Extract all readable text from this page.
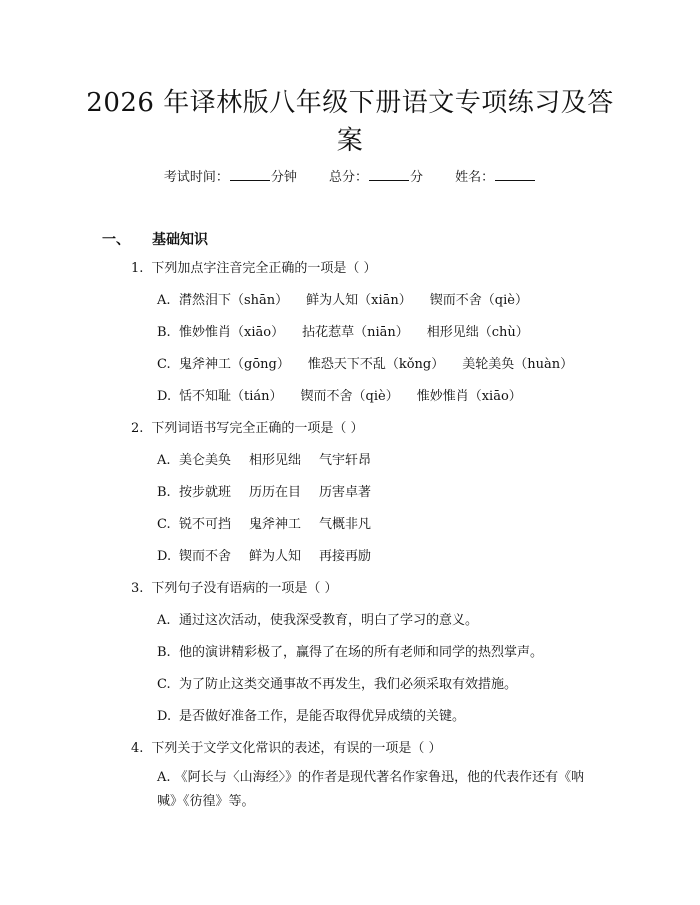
2026 年译林版八年级下册语文专项练习及答
案
考试时间：	分钟 总分：	分 姓名：
一、 基础知识
1. 下列加点字注音完全正确的一项是（ ）
A. 潸然泪下（shān） 鲜为人知（xiān） 锲而不舍（qiè）
B. 惟妙惟肖（xiāo） 拈花惹草（niān） 相形见绌（chù）
C. 鬼斧神工（gōng） 惟恐天下不乱（kǒng） 美轮美奂（huàn）
D. 恬不知耻（tián） 锲而不舍（qiè） 惟妙惟肖（xiāo）
2. 下列词语书写完全正确的一项是（ ）
A. 美仑美奂 相形见绌 气宇轩昂
B. 按步就班 历历在目 历害卓著
C. 锐不可挡 鬼斧神工 气概非凡
D. 锲而不舍 鲜为人知 再接再励
3. 下列句子没有语病的一项是（ ）
A. 通过这次活动，使我深受教育，明白了学习的意义。
B. 他的演讲精彩极了，赢得了在场的所有老师和同学的热烈掌声。
C. 为了防止这类交通事故不再发生，我们必须采取有效措施。
D. 是否做好准备工作，是能否取得优异成绩的关键。
4. 下列关于文学文化常识的表述，有误的一项是（ ）
A. 《阿长与〈山海经〉》的作者是现代著名作家鲁迅，他的代表作还有《呐喊》《彷徨》等。
